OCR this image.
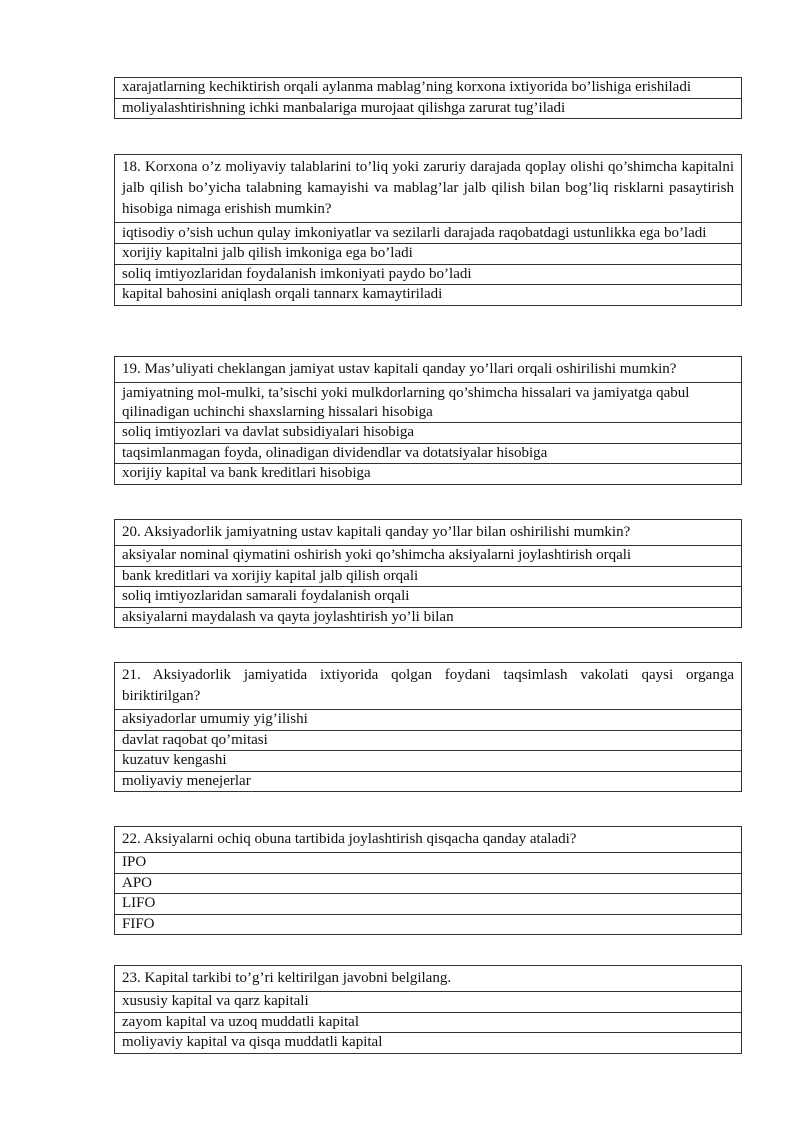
xarajatlarning kechiktirish orqali aylanma mablag’ning korxona ixtiyorida bo’lishiga erishiladi
moliyalashtirishning ichki manbalariga murojaat qilishga zarurat tug’iladi
18. Korxona o’z moliyaviy talablarini to’liq yoki zaruriy darajada qoplay olishi qo’shimcha kapitalni jalb qilish bo’yicha talabning kamayishi va mablag’lar jalb qilish bilan bog’liq risklarni pasaytirish hisobiga nimaga erishish mumkin?
iqtisodiy o’sish uchun qulay imkoniyatlar va sezilarli darajada raqobatdagi ustunlikka ega bo’ladi
xorijiy kapitalni jalb qilish imkoniga ega bo’ladi
soliq imtiyozlaridan foydalanish imkoniyati paydo bo’ladi
kapital bahosini aniqlash orqali tannarx kamaytiriladi
19. Mas’uliyati cheklangan jamiyat ustav kapitali qanday yo’llari orqali oshirilishi mumkin?
jamiyatning mol-mulki, ta’sischi yoki mulkdorlarning qo’shimcha hissalari va jamiyatga qabul qilinadigan uchinchi shaxslarning hissalari hisobiga
soliq imtiyozlari va davlat subsidiyalari hisobiga
taqsimlanmagan foyda, olinadigan dividendlar va dotatsiyalar hisobiga
xorijiy kapital va bank kreditlari hisobiga
20. Aksiyadorlik jamiyatning ustav kapitali qanday yo’llar bilan oshirilishi mumkin?
aksiyalar nominal qiymatini oshirish yoki qo’shimcha aksiyalarni joylashtirish orqali
bank kreditlari va xorijiy kapital jalb qilish orqali
soliq imtiyozlaridan samarali foydalanish orqali
aksiyalarni maydalash va qayta joylashtirish yo’li bilan
21. Aksiyadorlik jamiyatida ixtiyorida qolgan foydani taqsimlash vakolati qaysi organga biriktirilgan?
aksiyadorlar umumiy yig’ilishi
davlat raqobat qo’mitasi
kuzatuv kengashi
moliyaviy menejerlar
22. Aksiyalarni ochiq obuna tartibida joylashtirish qisqacha qanday ataladi?
IPO
APO
LIFO
FIFO
23. Kapital tarkibi to’g’ri keltirilgan javobni belgilang.
xususiy kapital va qarz kapitali
zayom kapital va uzoq muddatli kapital
moliyaviy kapital va qisqa muddatli kapital
